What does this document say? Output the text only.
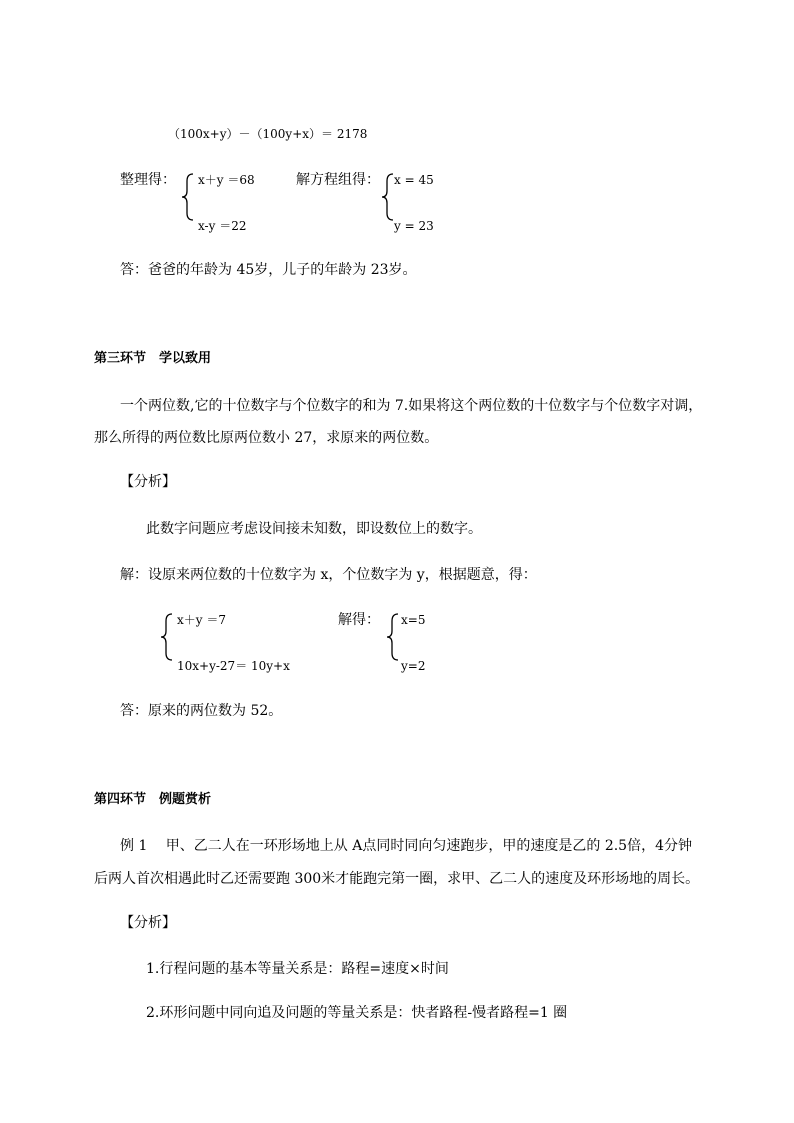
（100x+y）－（100y+x）＝ 2178
整理得： x＋y ＝68
x-y ＝22
解方程组得： x = 45
y = 23
答：爸爸的年龄为 45岁，儿子的年龄为 23岁。
第三环节　学以致用
一个两位数,它的十位数字与个位数字的和为 7.如果将这个两位数的十位数字与个位数字对调，
那么所得的两位数比原两位数小 27，求原来的两位数。
【分析】
此数字问题应考虑设间接未知数，即设数位上的数字。
解：设原来两位数的十位数字为 x，个位数字为 y，根据题意，得：
x＋y ＝7
10x+y-27＝ 10y+x
解得： x=5
y=2
答：原来的两位数为 52。
第四环节　例题赏析
例 1　 甲、乙二人在一环形场地上从 A点同时同向匀速跑步，甲的速度是乙的 2.5倍，4分钟
后两人首次相遇此时乙还需要跑 300米才能跑完第一圈，求甲、乙二人的速度及环形场地的周长。
【分析】
1.行程问题的基本等量关系是：路程=速度×时间
2.环形问题中同向追及问题的等量关系是：快者路程-慢者路程=1 圈
